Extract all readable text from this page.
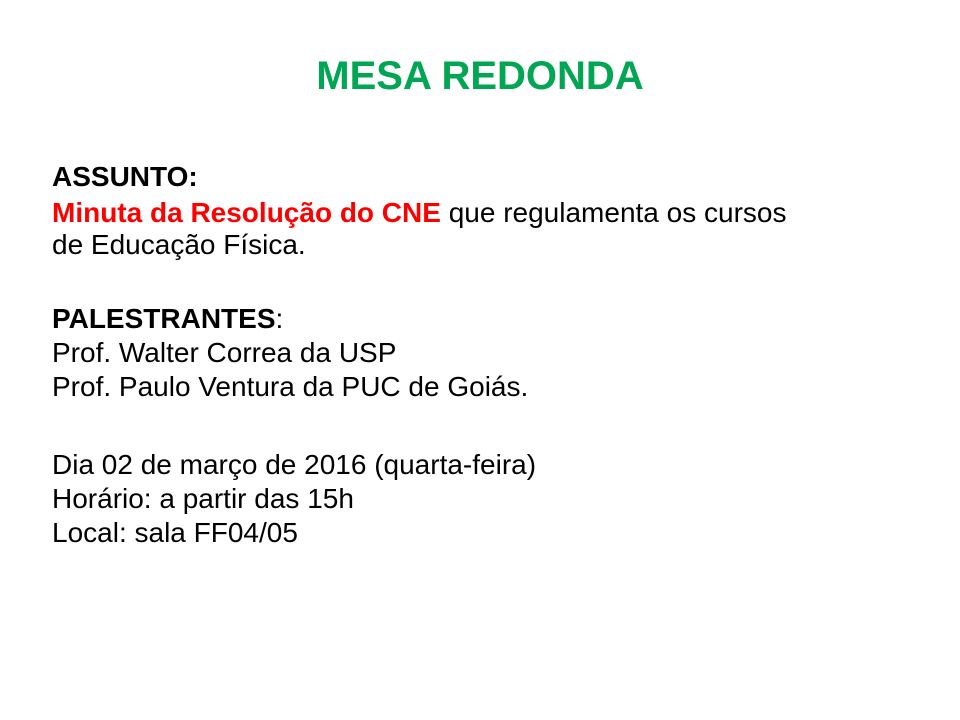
MESA REDONDA
ASSUNTO:
Minuta da Resolução do CNE que regulamenta os cursos
de Educação Física.
PALESTRANTES:
Prof. Walter Correa da USP
Prof. Paulo Ventura da PUC de Goiás.
Dia 02 de março de 2016 (quarta-feira)
Horário: a partir das 15h
Local: sala FF04/05
